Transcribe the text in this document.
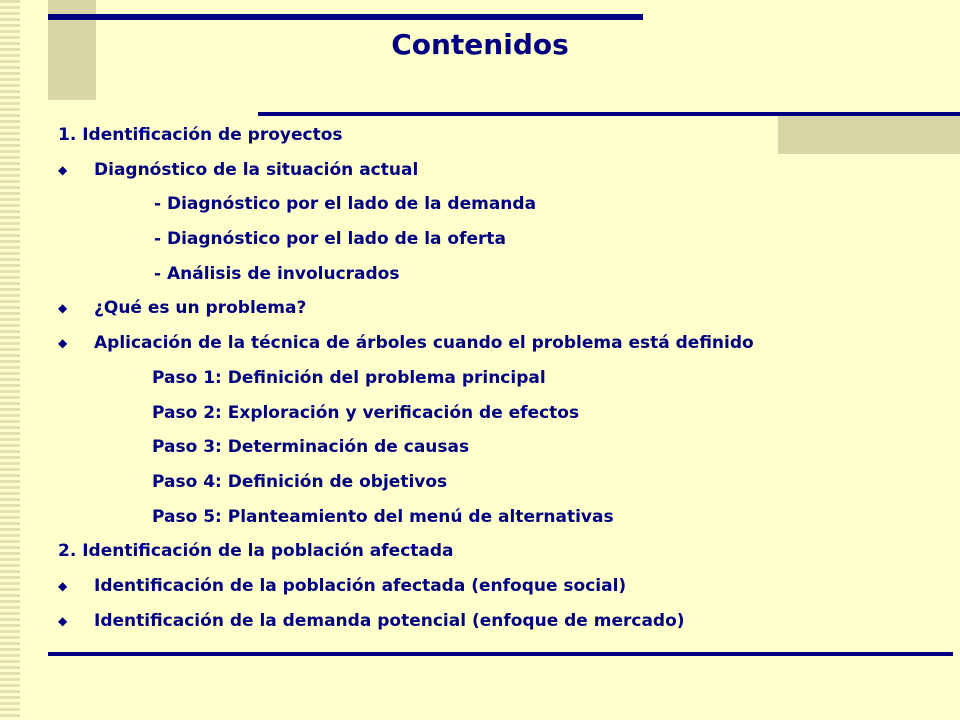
Contenidos
1. Identificación de proyectos
◆	Diagnóstico de la situación actual
- Diagnóstico por el lado de la demanda
- Diagnóstico por el lado de la oferta
- Análisis de involucrados
◆	¿Qué es un problema?
◆	Aplicación de la técnica de árboles cuando el problema está definido
Paso 1: Definición del problema principal
Paso 2: Exploración y verificación de efectos
Paso 3: Determinación de causas
Paso 4: Definición de objetivos
Paso 5: Planteamiento del menú de alternativas
2. Identificación de la población afectada
◆	Identificación de la población afectada (enfoque social)
◆	Identificación de la demanda potencial (enfoque de mercado)
